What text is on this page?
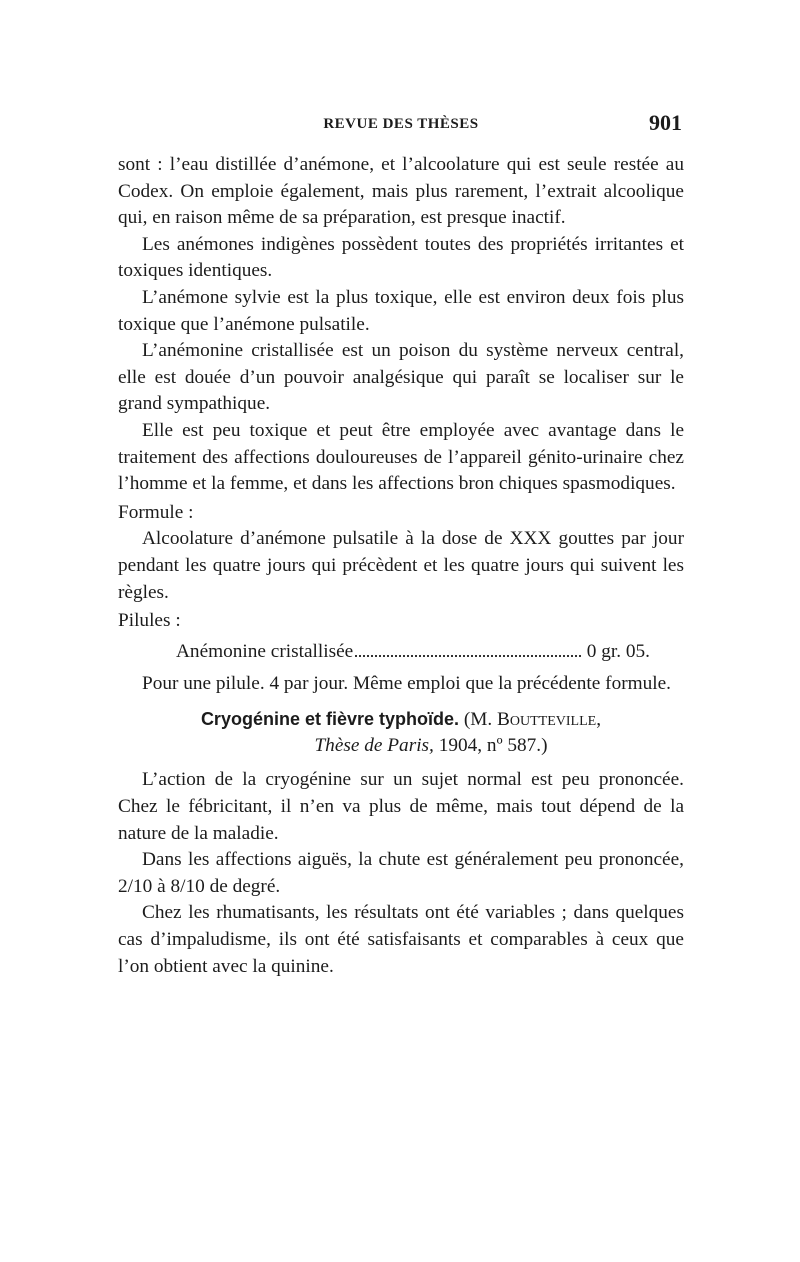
REVUE DES THÈSES	901

sont : l’eau distillée d’anémone, et l’alcoolature qui est seule restée au Codex. On emploie également, mais plus rarement, l’extrait alcoolique qui, en raison même de sa préparation, est presque inactif.

Les anémones indigènes possèdent toutes des propriétés irritantes et toxiques identiques.

L’anémone sylvie est la plus toxique, elle est environ deux fois plus toxique que l’anémone pulsatile.

L’anémonine cristallisée est un poison du système nerveux central, elle est douée d’un pouvoir analgésique qui paraît se localiser sur le grand sympathique.

Elle est peu toxique et peut être employée avec avantage dans le traitement des affections douloureuses de l’appareil génito-urinaire chez l’homme et la femme, et dans les affections bron chiques spasmodiques.

Formule :

Alcoolature d’anémone pulsatile à la dose de XXX gouttes par jour pendant les quatre jours qui précèdent et les quatre jours qui suivent les règles.

Pilules :

Anémonine cristallisée	0 gr. 05.

Pour une pilule. 4 par jour. Même emploi que la précédente formule.

Cryogénine et fièvre typhoïde. (M. Boutteville,

Thèse de Paris, 1904, nº 587.)

L’action de la cryogénine sur un sujet normal est peu prononcée. Chez le fébricitant, il n’en va plus de même, mais tout dépend de la nature de la maladie.

Dans les affections aiguës, la chute est généralement peu prononcée, 2/10 à 8/10 de degré.

Chez les rhumatisants, les résultats ont été variables ; dans quelques cas d’impaludisme, ils ont été satisfaisants et comparables à ceux que l’on obtient avec la quinine.
